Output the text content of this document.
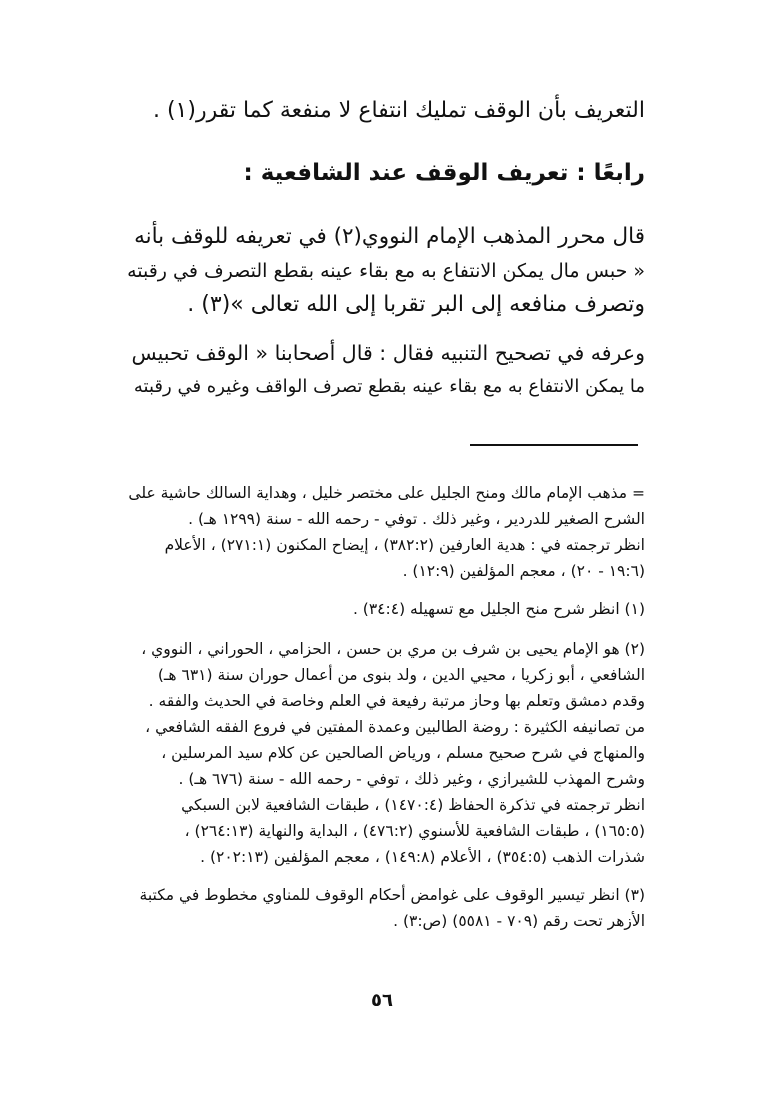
التعريف بأن الوقف تمليك انتفاع لا منفعة كما تقرر(١) .
رابعًا : تعريف الوقف عند الشافعية :
قال محرر المذهب الإمام النووي(٢) في تعريفه للوقف بأنه
« حبس مال يمكن الانتفاع به مع بقاء عينه بقطع التصرف في رقبته
وتصرف منافعه إلى البر تقربا إلى الله تعالى »(٣) .
وعرفه في تصحيح التنبيه فقال : قال أصحابنا « الوقف تحبيس
ما يمكن الانتفاع به مع بقاء عينه بقطع تصرف الواقف وغيره في رقبته
= مذهب الإمام مالك ومنح الجليل على مختصر خليل ، وهداية السالك حاشية على
الشرح الصغير للدردير ، وغير ذلك . توفي - رحمه الله - سنة (١٢٩٩ هـ) .
انظر ترجمته في : هدية العارفين (٣٨٢:٢) ، إيضاح المكنون (٢٧١:١) ، الأعلام
(١٩:٦ - ٢٠) ، معجم المؤلفين (١٢:٩) .
(١) انظر شرح منح الجليل مع تسهيله (٣٤:٤) .
(٢) هو الإمام يحيى بن شرف بن مري بن حسن ، الحزامي ، الحوراني ، النووي ،
الشافعي ، أبو زكريا ، محيي الدين ، ولد بنوى من أعمال حوران سنة (٦٣١ هـ)
وقدم دمشق وتعلم بها وحاز مرتبة رفيعة في العلم وخاصة في الحديث والفقه .
من تصانيفه الكثيرة : روضة الطالبين وعمدة المفتين في فروع الفقه الشافعي ،
والمنهاج في شرح صحيح مسلم ، ورياض الصالحين عن كلام سيد المرسلين ،
وشرح المهذب للشيرازي ، وغير ذلك ، توفي - رحمه الله - سنة (٦٧٦ هـ) .
انظر ترجمته في تذكرة الحفاظ (١٤٧٠:٤) ، طبقات الشافعية لابن السبكي
(١٦٥:٥) ، طبقات الشافعية للأسنوي (٤٧٦:٢) ، البداية والنهاية (٢٦٤:١٣) ،
شذرات الذهب (٣٥٤:٥) ، الأعلام (١٤٩:٨) ، معجم المؤلفين (٢٠٢:١٣) .
(٣) انظر تيسير الوقوف على غوامض أحكام الوقوف للمناوي مخطوط في مكتبة
الأزهر تحت رقم (٧٠٩ - ٥٥٨١) (ص:٣) .
٥٦
